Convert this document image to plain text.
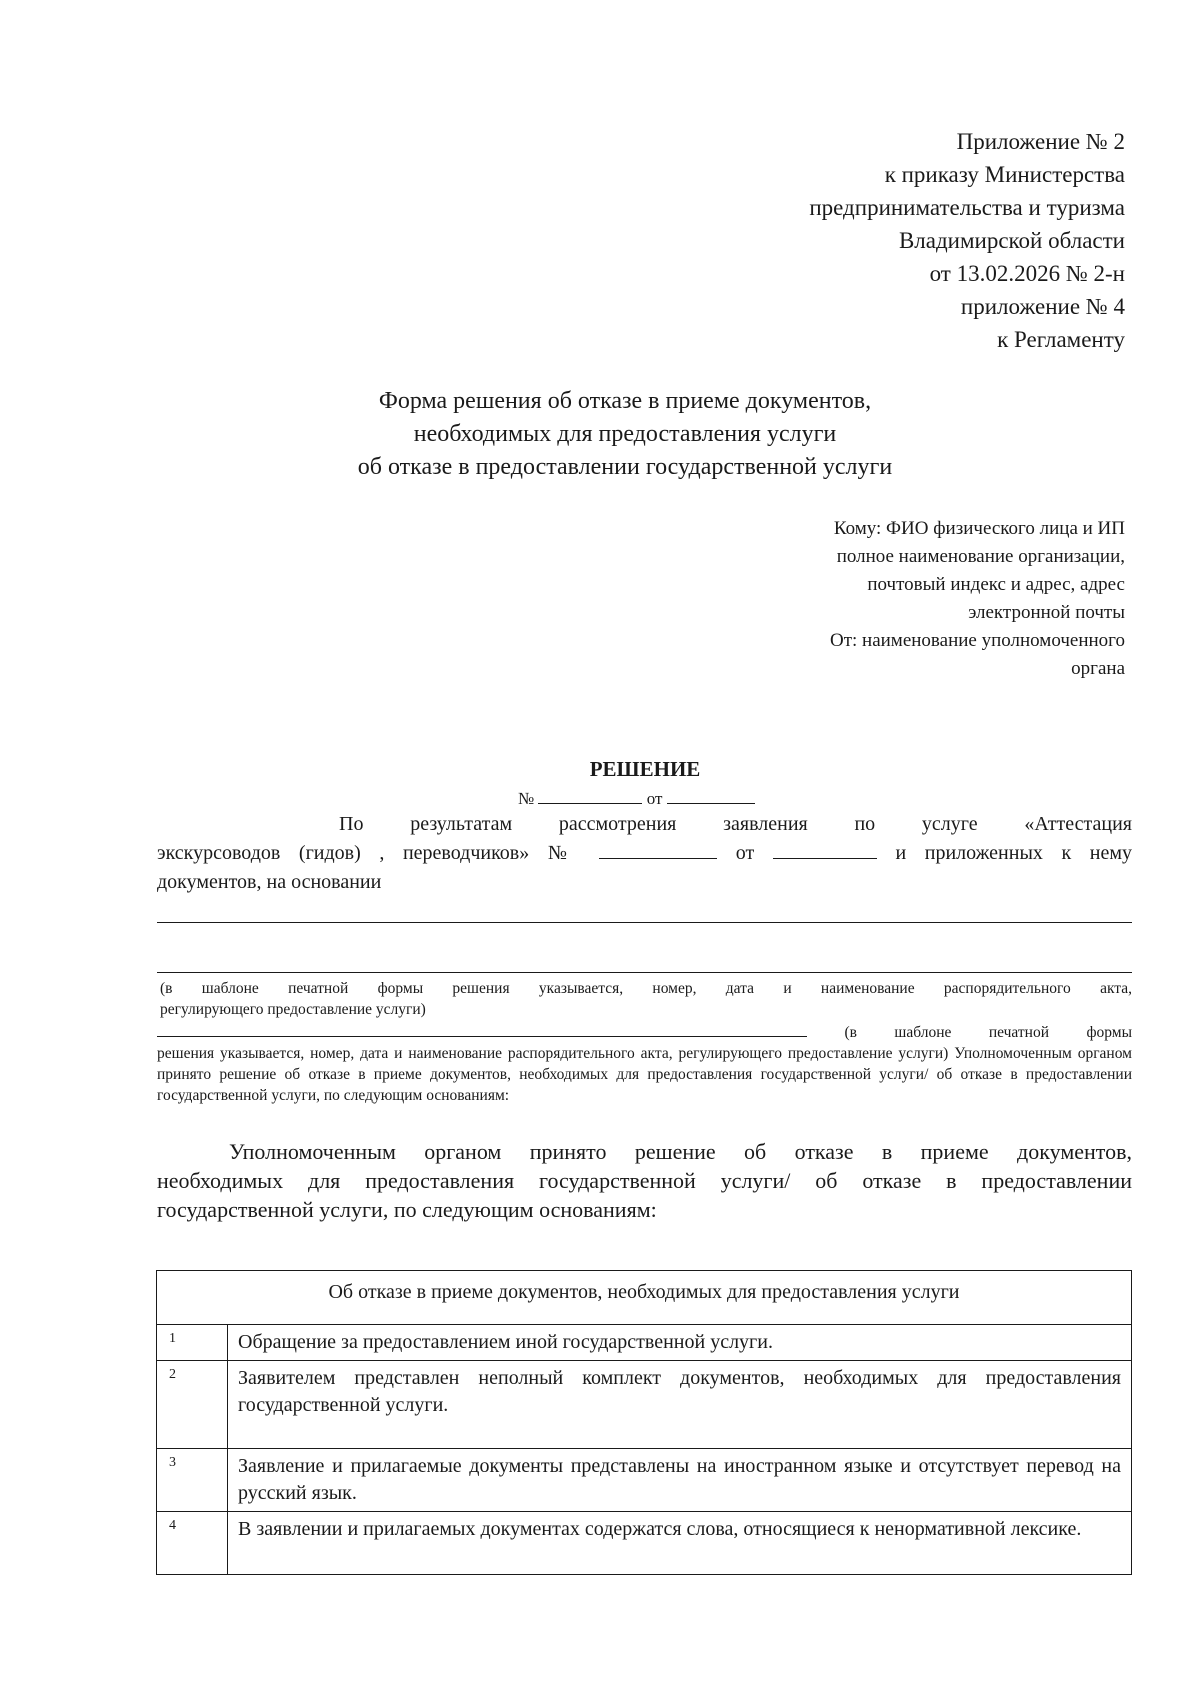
Приложение № 2
к приказу Министерства
предпринимательства и туризма
Владимирской области
от 13.02.2026 № 2-н
приложение № 4
к Регламенту
Форма решения об отказе в приеме документов,
необходимых для предоставления услуги
об отказе в предоставлении государственной услуги
Кому: ФИО физического лица и ИП
полное наименование организации,
почтовый индекс и адрес, адрес
электронной почты
От: наименование уполномоченного
органа
РЕШЕНИЕ
№	от
По результатам рассмотрения заявления по услуге «Аттестация
экскурсоводов (гидов) , переводчиков» №	от	и приложенных к нему
документов, на основании
(в шаблоне печатной формы решения указывается, номер, дата и наименование распорядительного акта,
регулирующего предоставление услуги)
(в шаблоне печатной формы
решения указывается, номер, дата и наименование распорядительного акта, регулирующего предоставление услуги) Уполномоченным органом принято решение об отказе в приеме документов, необходимых для предоставления государственной услуги/ об отказе в предоставлении государственной услуги, по следующим основаниям:
Уполномоченным органом принято решение об отказе в приеме документов,
необходимых для предоставления государственной услуги/ об отказе в предоставлении государственной услуги, по следующим основаниям:
Об отказе в приеме документов, необходимых для предоставления услуги	
1	Обращение за предоставлением иной государственной услуги.
2	Заявителем представлен неполный комплект документов, необходимых для предоставления государственной услуги.
3	Заявление и прилагаемые документы представлены на иностранном языке и отсутствует перевод на русский язык.
4	В заявлении и прилагаемых документах содержатся слова, относящиеся к ненормативной лексике.
